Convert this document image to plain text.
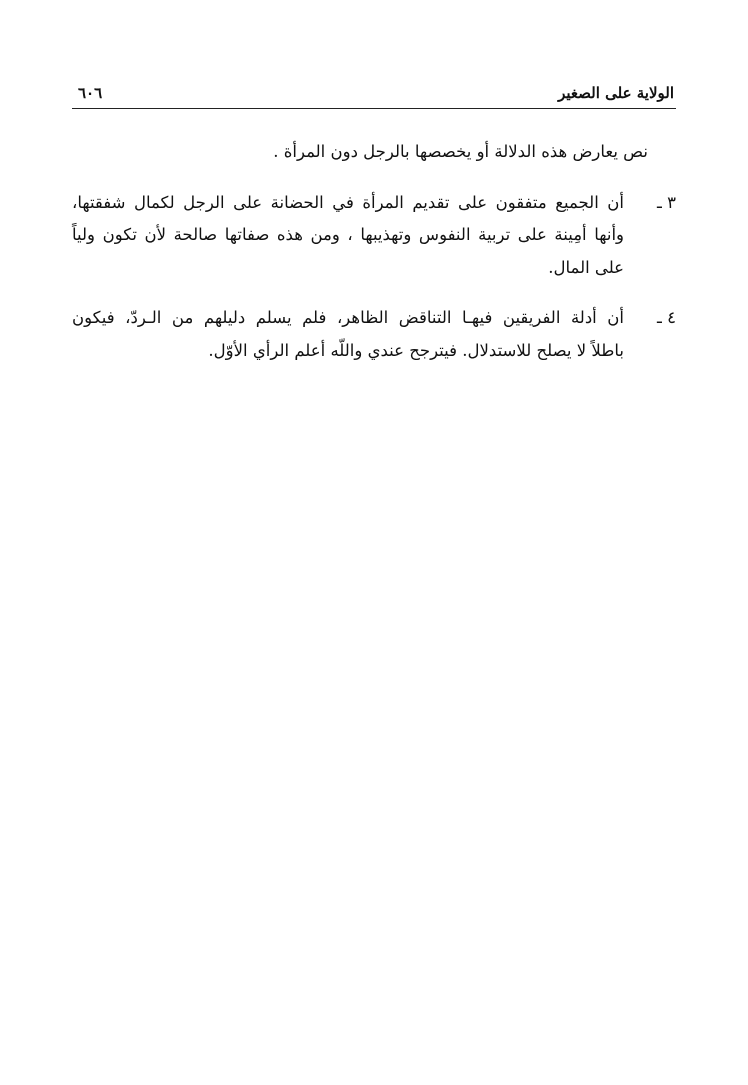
الولاية على الصغير
٦٠٦

نص يعارض هذه الدلالة أو يخصصها بالرجل دون المرأة .

٣ ـ
أن الجميع متفقون على تقديم المرأة في الحضانة على الرجل لكمال شفقتها،
وأنها أمِينة على تربية النفوس وتهذيبها ، ومن هذه صفاتها صالحة لأن تكون ولياً
على المال.

٤ ـ
أن أدلة الفريقين فيهـا التناقض الظاهر، فلم يسلم دليلهم من الـردّ، فيكون
باطلاً لا يصلح للاستدلال. فيترجح عندي واللّه أعلم الرأي الأوّل.
